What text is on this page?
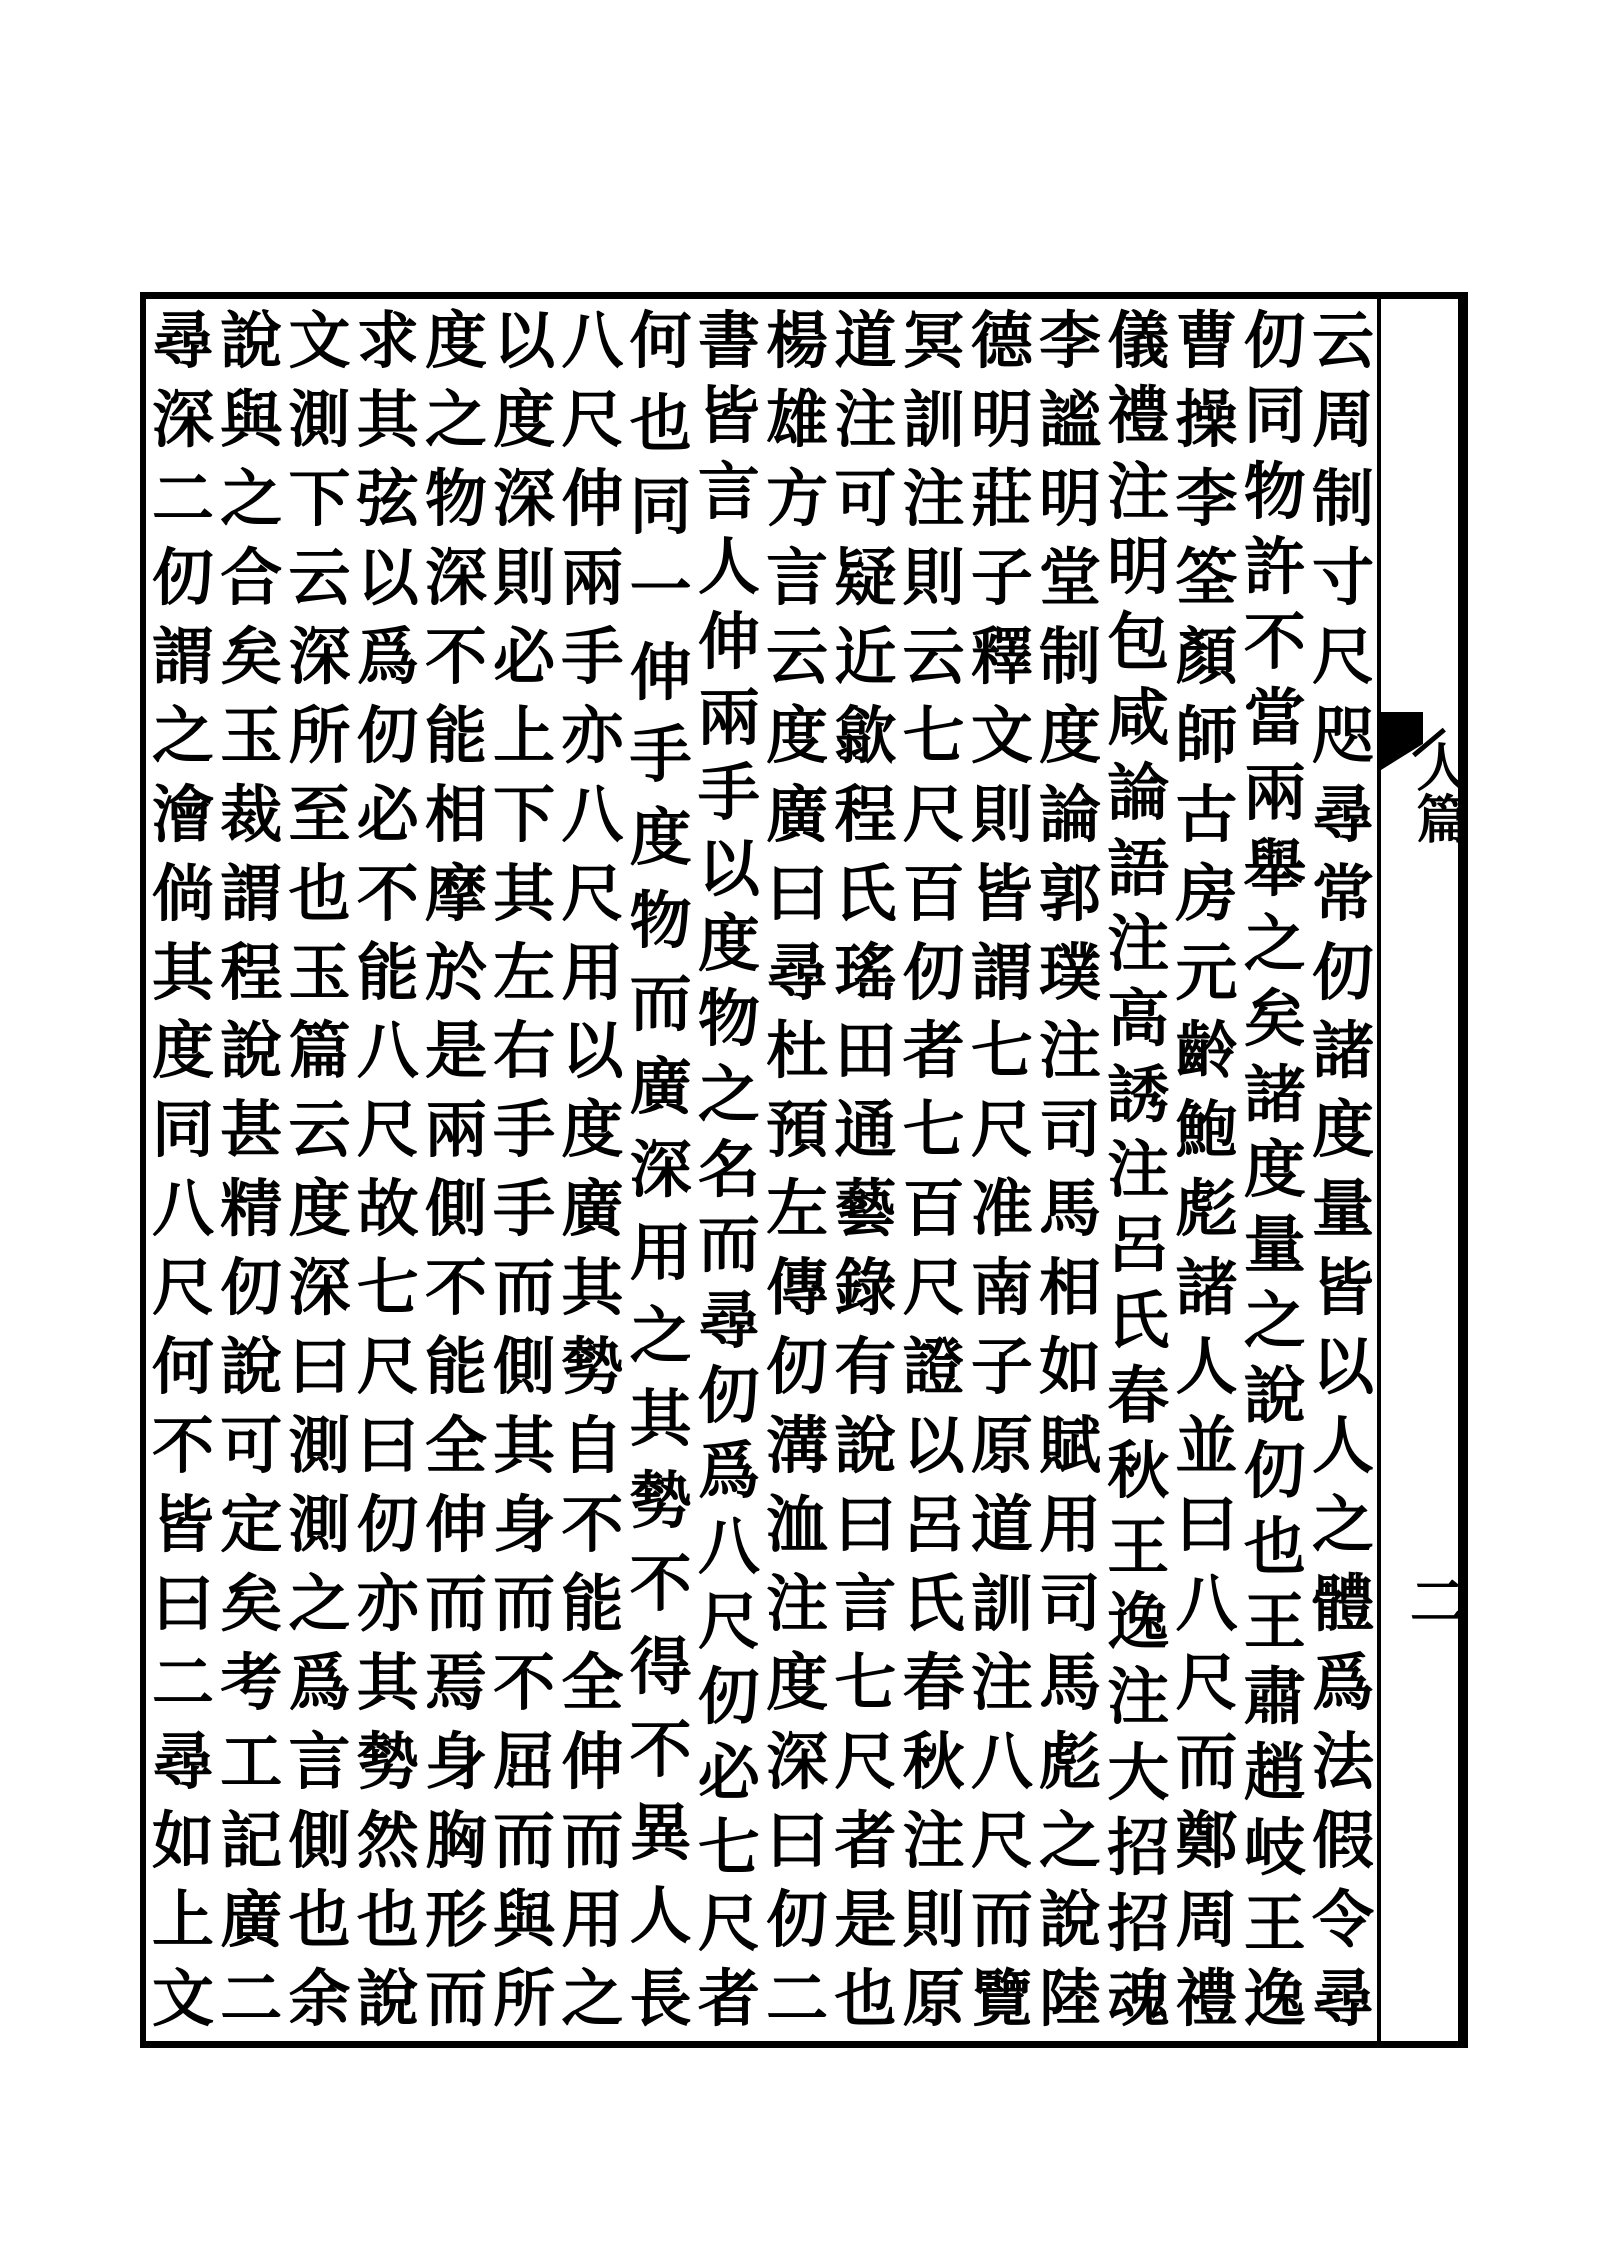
人篇
二
云
周
制
寸
尺
咫
尋
常
仞
諸
度
量
皆
以
人
之
體
爲
法
假
令
尋
仞
同
物
許
不
當
兩
舉
之
矣
諸
度
量
之
說
仞
也
王
肅
趙
岐
王
逸
曹
操
李
筌
顏
師
古
房
元
齡
鮑
彪
諸
人
並
曰
八
尺
而
鄭
周
禮
儀
禮
注
明
包
咸
論
語
注
高
誘
注
呂
氏
春
秋
王
逸
注
大
招
招
魂
李
謐
明
堂
制
度
論
郭
璞
注
司
馬
相
如
賦
用
司
馬
彪
之
說
陸
德
明
莊
子
釋
文
則
皆
謂
七
尺
准
南
子
原
道
訓
注
八
尺
而
覽
冥
訓
注
則
云
七
尺
百
仞
者
七
百
尺
證
以
呂
氏
春
秋
注
則
原
道
注
可
疑
近
歙
程
氏
瑤
田
通
藝
錄
有
說
曰
言
七
尺
者
是
也
楊
雄
方
言
云
度
廣
曰
尋
杜
預
左
傳
仞
溝
洫
注
度
深
曰
仞
二
書
皆
言
人
伸
兩
手
以
度
物
之
名
而
尋
仞
爲
八
尺
仞
必
七
尺
者
何
也
同
一
伸
手
度
物
而
廣
深
用
之
其
勢
不
得
不
異
人
長
八
尺
伸
兩
手
亦
八
尺
用
以
度
廣
其
勢
自
不
能
全
伸
而
用
之
以
度
深
則
必
上
下
其
左
右
手
手
而
側
其
身
而
不
屈
而
與
所
度
之
物
深
不
能
相
摩
於
是
兩
側
不
能
全
伸
而
焉
身
胸
形
而
求
其
弦
以
爲
仞
必
不
能
八
尺
故
七
尺
曰
仞
亦
其
勢
然
也
說
文
測
下
云
深
所
至
也
玉
篇
云
度
深
曰
測
測
之
爲
言
側
也
余
說
與
之
合
矣
玉
裁
謂
程
說
甚
精
仞
說
可
定
矣
考
工
記
廣
二
尋
深
二
仞
謂
之
澮
倘
其
度
同
八
尺
何
不
皆
曰
二
尋
如
上
文
